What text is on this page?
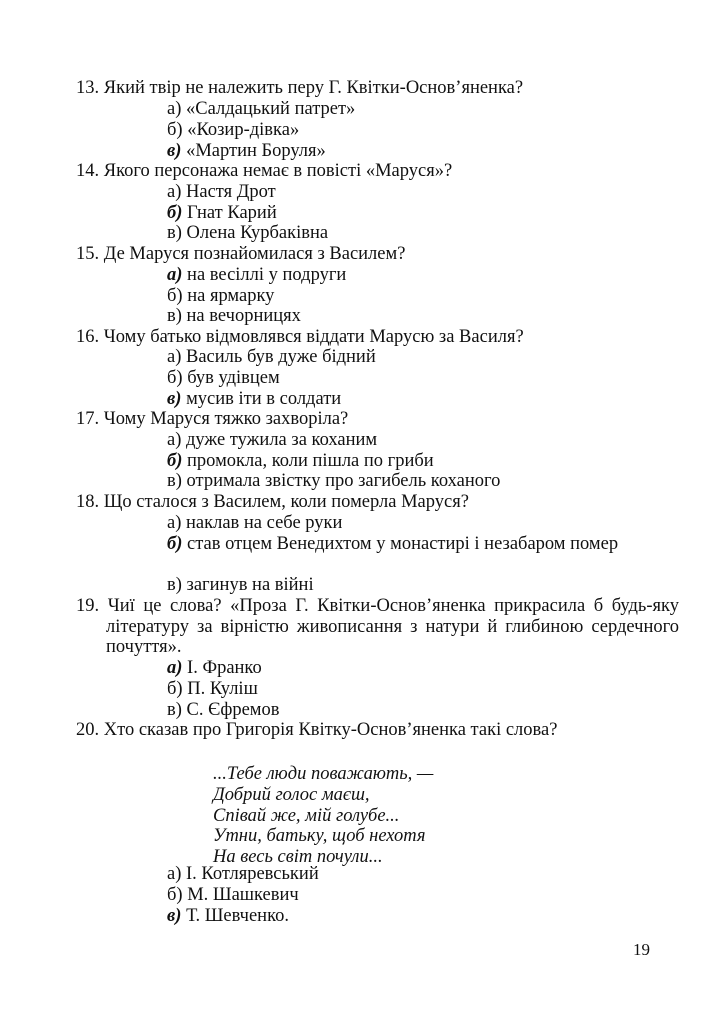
13. Який твір не належить перу Г. Квітки-Основ’яненка?
а) «Салдацький патрет»
б) «Козир-дівка»
в) «Мартин Боруля»
14. Якого персонажа немає в повісті «Маруся»?
а) Настя Дрот
б) Гнат Карий
в) Олена Курбаківна
15. Де Маруся познайомилася з Василем?
а) на весіллі у подруги
б) на ярмарку
в) на вечорницях
16. Чому батько відмовлявся віддати Марусю за Василя?
а) Василь був дуже бідний
б) був удівцем
в) мусив іти в солдати
17. Чому Маруся тяжко захворіла?
а) дуже тужила за коханим
б) промокла, коли пішла по гриби
в) отримала звістку про загибель коханого
18. Що сталося з Василем, коли померла Маруся?
а) наклав на себе руки
б) став отцем Венедихтом у монастирі і незабаром помер
в) загинув на війні
19. Чиї це слова? «Проза Г. Квітки-Основ’яненка прикрасила б будь-яку літературу за вірністю живописання з натури й глибиною сердечного почуття».
а) І. Франко
б) П. Куліш
в) С. Єфремов
20. Хто сказав про Григорія Квітку-Основ’яненка такі слова?
...Тебе люди поважають, —
Добрий голос маєш,
Співай же, мій голубе...
Утни, батьку, щоб нехотя
На весь світ почули...
а) І. Котляревський
б) М. Шашкевич
в) Т. Шевченко.
19
